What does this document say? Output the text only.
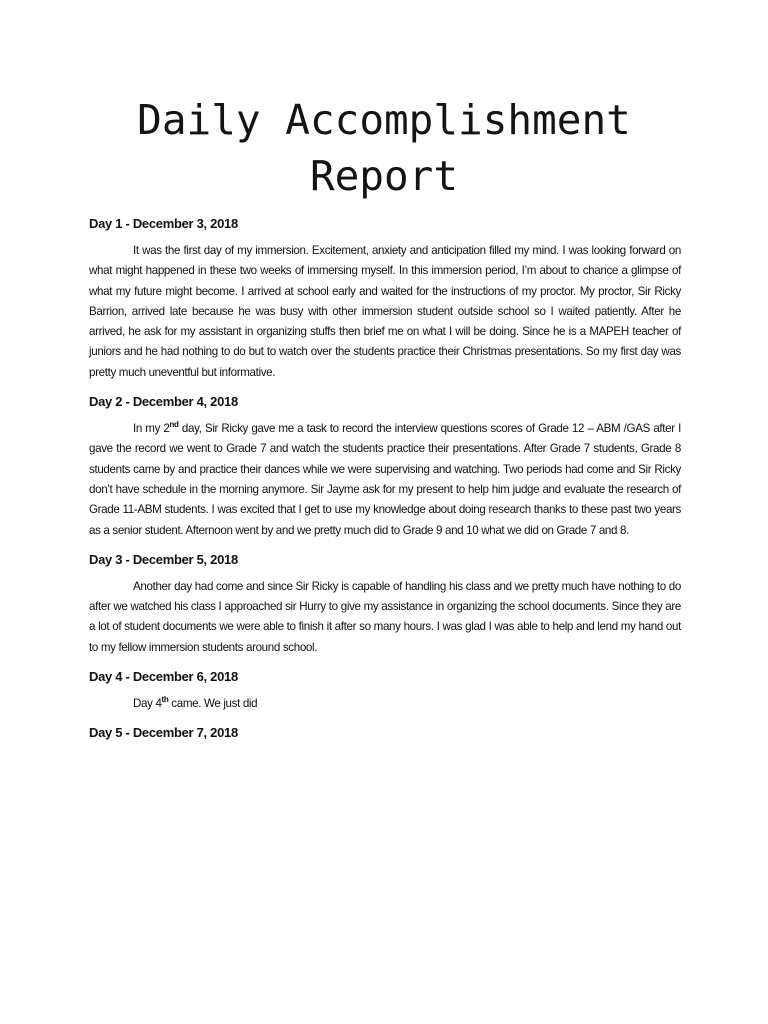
Daily Accomplishment
Report
Day 1 - December 3, 2018

It was the first day of my immersion. Excitement, anxiety and anticipation filled my mind. I was looking forward on what might happened in these two weeks of immersing myself. In this immersion period, I’m about to chance a glimpse of what my future might become. I arrived at school early and waited for the instructions of my proctor. My proctor, Sir Ricky Barrion, arrived late because he was busy with other immersion student outside school so I waited patiently. After he arrived, he ask for my assistant in organizing stuffs then brief me on what I will be doing. Since he is a MAPEH teacher of juniors and he had nothing to do but to watch over the students practice their Christmas presentations. So my first day was pretty much uneventful but informative.

Day 2 - December 4, 2018

In my 2nd day, Sir Ricky gave me a task to record the interview questions scores of Grade 12 – ABM /GAS after I gave the record we went to Grade 7 and watch the students practice their presentations. After Grade 7 students, Grade 8 students came by and practice their dances while we were supervising and watching. Two periods had come and Sir Ricky don’t have schedule in the morning anymore. Sir Jayme ask for my present to help him judge and evaluate the research of Grade 11-ABM students. I was excited that I get to use my knowledge about doing research thanks to these past two years as a senior student. Afternoon went by and we pretty much did to Grade 9 and 10 what we did on Grade 7 and 8.

Day 3 - December 5, 2018

Another day had come and since Sir Ricky is capable of handling his class and we pretty much have nothing to do after we watched his class I approached sir Hurry to give my assistance in organizing the school documents. Since they are a lot of student documents we were able to finish it after so many hours. I was glad I was able to help and lend my hand out to my fellow immersion students around school.

Day 4 - December 6, 2018

Day 4th came. We just did

Day 5 - December 7, 2018
